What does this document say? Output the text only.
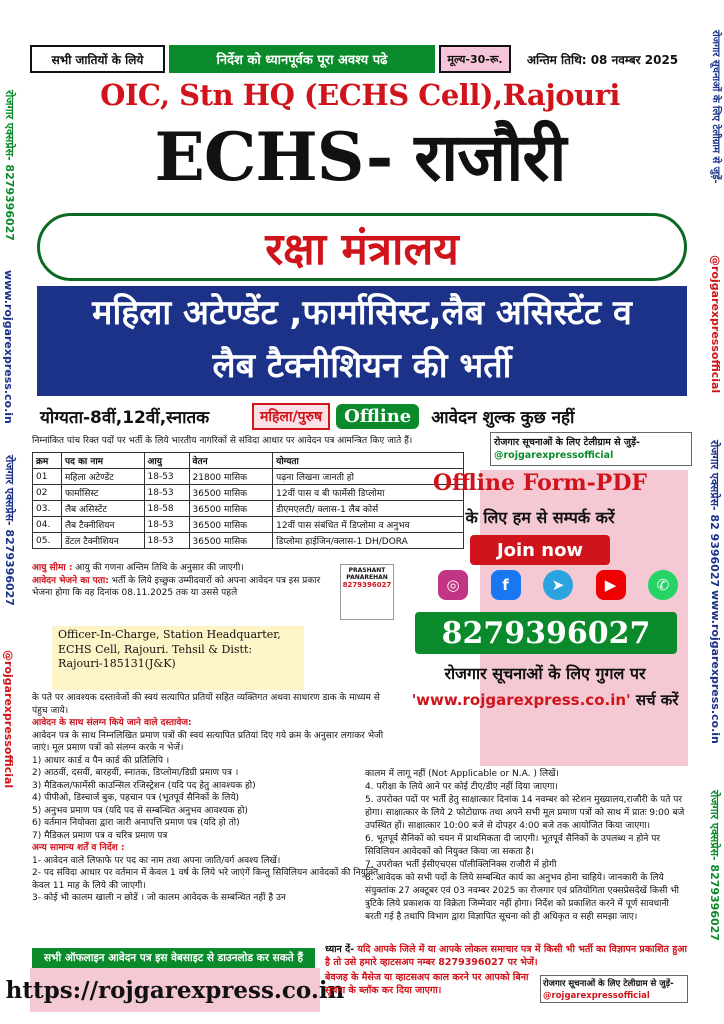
रोजगार एक्सप्रेस- 8279396027
www.rojgarexpress.co.in
रोजगार एक्सप्रेस- 8279396027
@rojgarexpressofficial
रोजगार सूचनाओं के लिए टेलीग्राम से जुड़ें-
@rojgarexpressofficial
रोजगार एक्सप्रेस- 82 9396027
www.rojgarexpress.co.in
रोजगार एक्सप्रेस- 8279396027
सभी जातियों के लिये	निर्देश को ध्यानपूर्वक पूरा अवश्य पढे	मूल्य-30-रू.	अन्तिम तिथि: 08 नवम्बर 2025
OIC, Stn HQ (ECHS Cell),Rajouri
ECHS- राजौरी
रक्षा मंत्रालय
महिला अटेण्डेंट ,फार्मासिस्ट,लैब असिस्टेंट व
लैब टैक्नीशियन की भर्ती
योग्यता-8वीं,12वीं,स्नातक	महिला/पुरुष	Offline	आवेदन शुल्क कुछ नहीं
निम्नांकित पांच रिक्त पदों पर भर्ती के लिये भारतीय नागरिकों से संविदा आधार पर आवेदन पत्र आमन्त्रित किए जाते हैं।	रोजगार सूचनाओं के लिए टेलीग्राम से जुड़ें- @rojgarexpressofficial
क्रम	पद का नाम	आयु	वेतन	योग्यता
01	महिला अटेण्डेंट	18-53	21800 मासिक	पढ़ना लिखना जानती हो
02	फार्मासिस्ट	18-53	36500 मासिक	12वीं पास व बी फार्मेसी डिप्लोमा
03.	लैब असिस्टेंट	18-58	36500 मासिक	डीएमएलटी/ क्लास-1 लैब कोर्स
04.	लैब टैक्नीशियन	18-53	36500 मासिक	12वीं पास संबंधित में डिप्लोमा व अनुभव
05.	डेंटल टैक्नीशियन	18-53	36500 मासिक	डिप्लोमा हाईजिन/क्लास-1 DH/DORA
Offline Form-PDF
के लिए हम से सम्पर्क करें
Join now
◎	f	➤	▶	✆
8279396027
रोजगार सूचनाओं के लिए गुगल पर
'www.rojgarexpress.co.in' सर्च करें
आयु सीमा : आयु की गणना अन्तिम तिथि के अनुसार की जाएगी।
आवेदन भेजने का पता: भर्ती के लिये इच्छुक उम्मीदवारों को अपना आवेदन पत्र इस प्रकार भेजना होगा कि वह दिनांक 08.11.2025 तक या उससे पहले
PRASHANT PANAREHAN
8279396027
Officer-In-Charge, Station Headquarter,
ECHS Cell, Rajouri. Tehsil & Distt:
Rajouri-185131(J&K)
के पते पर आवश्यक दस्तावेजों की स्वयं सत्यापित प्रतियों सहित व्यक्तिगत अथवा साधारण डाक के माध्यम से पंहुच जाये।
आवेदन के साथ संलग्न किये जाने वाले दस्तावेज:
आवेदन पत्र के साथ निम्नलिखित प्रमाण पत्रों की स्वयं सत्यापित प्रतियां दिए गये क्रम के अनुसार लगाकर भेजी जाएं। मूल प्रमाण पत्रों को संलग्न करके न भेजें।
1) आधार कार्ड व पैन कार्ड की प्रतिलिपि ।
2) आठवीं, दसवीं, बारहवीं, स्नातक, डिप्लोमा/डिग्री प्रमाण पत्र ।
3) मैडिकल/फार्मेसी काउन्सिल रजिस्ट्रेशन (यदि पद हेतु आवश्यक हो)
4) पीपीओ, डिस्चार्ज बुक, पहचान पत्र (भूतपूर्व सैनिकों के लिये)
5) अनुभव प्रमाण पत्र (यदि पद से सम्बन्धित अनुभव आवश्यक हो)
6) वर्तमान नियोक्ता द्वारा जारी अनापत्ति प्रमाण पत्र (यदि हो तो)
7) मैडिकल प्रमाण पत्र व चरित्र प्रमाण पत्र
अन्य सामान्य शर्तें व निर्देश :
1- आवेदन वाले लिफाफे पर पद का नाम तथा अपना जाति/वर्ग अवश्य लिखें।
2- पद संविदा आधार पर वर्तमान में केवल 1 वर्ष के लिये भरे जाएंगें किन्तु सिविलियन आवेदकों की नियुक्ति केवल 11 माह के लिये की जाएगी।
3- कोई भी कालम खाली न छोडें । जो कालम आवेदक के सम्बन्धित नहीं है उन
कालम में लागू नहीं (Not Applicable or N.A. ) लिखें।
4. परीक्षा के लिये आने पर कोई टीए/डीए नहीं दिया जाएगा।
5. उपरोक्त पदों पर भर्ती हेतु साक्षात्कार दिनांक 14 नवम्बर को स्टेशन मुख्यालय,राजौरी के पते पर होगा। साक्षात्कार के लिये 2 फोटोग्राफ तथा अपने सभी मूल प्रमाण पत्रों को साथ में प्रातः 9:00 बजे उपस्थित हों। साक्षात्कार 10:00 बजे से दोपहर 4:00 बजे तक आयोजित किया जाएगा।
6. भूतपूर्व सैनिकों को चयन में प्राथमिकता दी जाएगी। भूतपूर्व सैनिकों के उपलब्ध न होने पर सिविलियन आवेदकों को नियुक्त किया जा सकता है।
7. उपरोक्त भर्ती ईसीएचएस पॉलीक्लिनिक्स राजौरी में होगी
8. आवेदक को सभी पदों के लिये सम्बन्धित कार्य का अनुभव होना चाहिये। जानकारी के लिये संयुक्तांक 27 अक्टूबर एवं 03 नवम्बर 2025 का रोजगार एवं प्रतियोगिता एक्सप्रेसदेखें किसी भी त्रुटिके लिये प्रकाशक या विक्रेता जिम्मेवार नहीं होगा। निर्देश को प्रकाशित करने में पूर्ण सावधानी बरती गई है तथापि विभाग द्वारा विज्ञापित सूचना को ही अधिकृत व सही समझा जाए।
सभी ऑफलाइन आवेदन पत्र इस वेबसाइट से डाउनलोड कर सकते हैं
https://rojgarexpress.co.in
ध्यान दें- यदि आपके जिले में या आपके लोकल समाचार पत्र में किसी भी भर्ती का विज्ञापन प्रकाशित हुआ है तो उसे हमारे व्हाटसअप नम्बर 8279396027 पर भेजें।
बेवजह के मैसेज या व्हाटसअप काल करने पर आपको बिना सूचना के ब्लॉक कर दिया जाएगा।
रोजगार सूचनाओं के लिए टेलीग्राम से जुड़ें- @rojgarexpressofficial
